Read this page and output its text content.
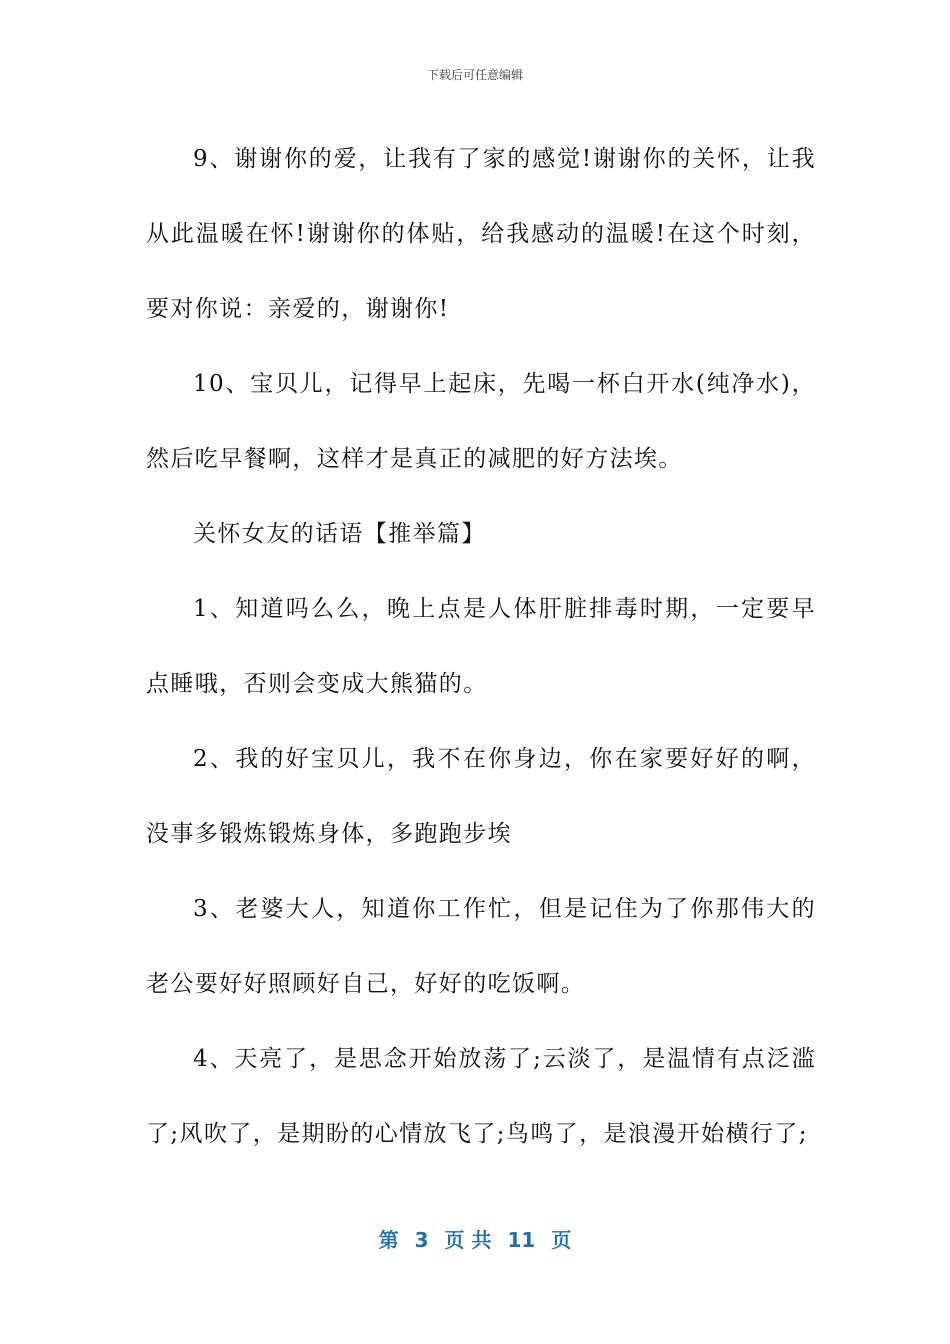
下载后可任意编辑

9、谢谢你的爱，让我有了家的感觉!谢谢你的关怀，让我从此温暖在怀!谢谢你的体贴，给我感动的温暖!在这个时刻，要对你说：亲爱的，谢谢你!

10、宝贝儿，记得早上起床，先喝一杯白开水(纯净水)，然后吃早餐啊，这样才是真正的减肥的好方法埃。

关怀女友的话语【推举篇】

1、知道吗么么，晚上点是人体肝脏排毒时期，一定要早点睡哦，否则会变成大熊猫的。

2、我的好宝贝儿，我不在你身边，你在家要好好的啊，没事多锻炼锻炼身体，多跑跑步埃

3、老婆大人，知道你工作忙，但是记住为了你那伟大的老公要好好照顾好自己，好好的吃饭啊。

4、天亮了，是思念开始放荡了;云淡了，是温情有点泛滥了;风吹了，是期盼的心情放飞了;鸟鸣了，是浪漫开始横行了;

第 3 页 共 11 页
